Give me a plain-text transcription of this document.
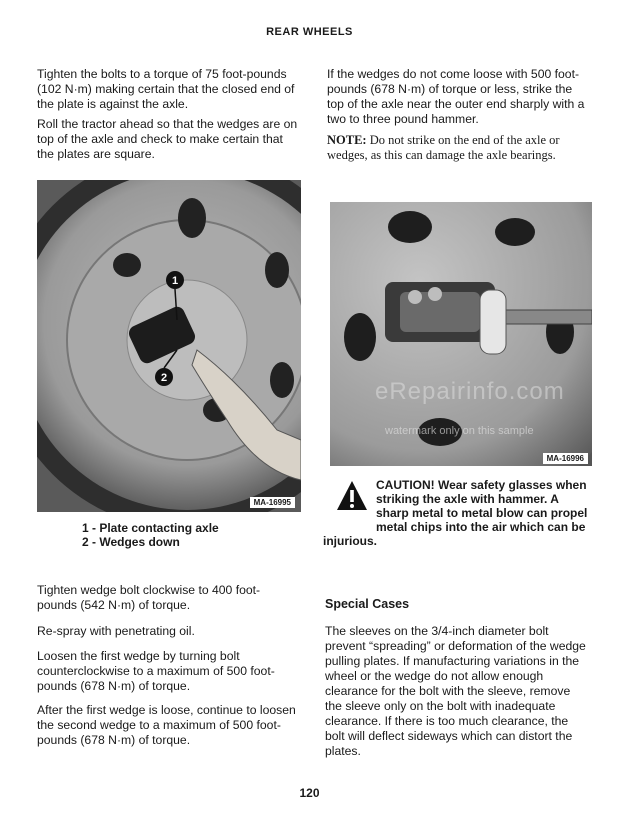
REAR WHEELS
Tighten the bolts to a torque of 75 foot-pounds (102 N·m) making certain that the closed end of the plate is against the axle.
Roll the tractor ahead so that the wedges are on top of the axle and check to make certain that the plates are square.
If the wedges do not come loose with 500 foot-pounds (678 N·m) of torque or less, strike the top of the axle near the outer end sharply with a two to three pound hammer.
NOTE: Do not strike on the end of the axle or wedges, as this can damage the axle bearings.
1
2
MA-16995
1 - Plate contacting axle
2 - Wedges down
MA-16996
eRepairinfo.com
watermark only on this sample
CAUTION! Wear safety glasses when striking the axle with hammer. A sharp metal to metal blow can propel metal chips into the air which can be injurious.
Tighten wedge bolt clockwise to 400 foot-pounds (542 N·m) of torque.
Re-spray with penetrating oil.
Loosen the first wedge by turning bolt counterclockwise to a maximum of 500 foot-pounds (678 N·m) of torque.
After the first wedge is loose, continue to loosen the second wedge to a maximum of 500 foot-pounds (678 N·m) of torque.
Special Cases
The sleeves on the 3/4-inch diameter bolt prevent “spreading” or deformation of the wedge pulling plates. If manufacturing variations in the wheel or the wedge do not allow enough clearance for the bolt with the sleeve, remove the sleeve only on the bolt with inadequate clearance. If there is too much clearance, the bolt will deflect sideways which can distort the plates.
120
